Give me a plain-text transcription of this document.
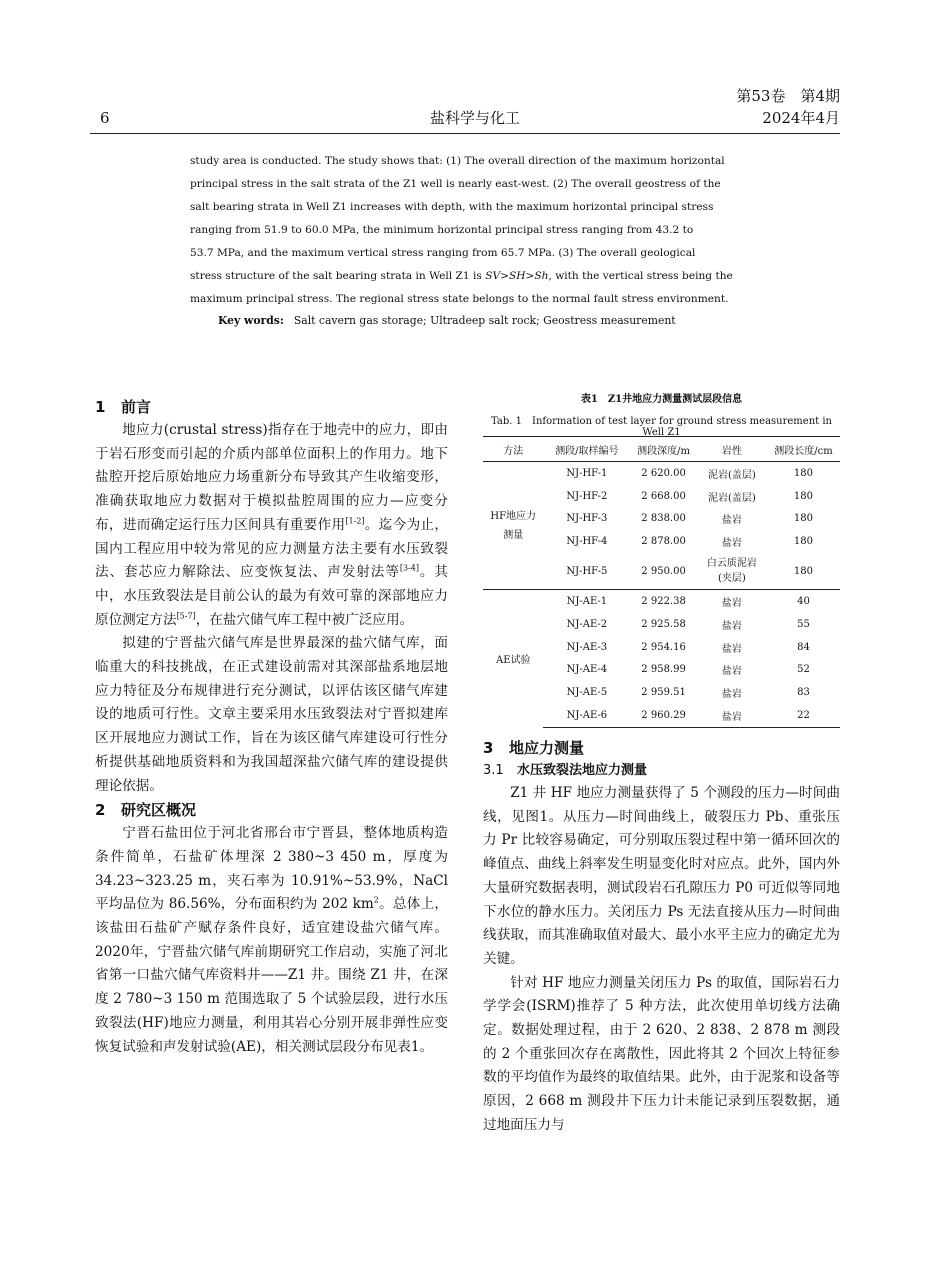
第53卷　第4期
6	盐科学与化工	2024年4月
study area is conducted. The study shows that: (1) The overall direction of the maximum horizontal
principal stress in the salt strata of the Z1 well is nearly east-west. (2) The overall geostress of the
salt bearing strata in Well Z1 increases with depth, with the maximum horizontal principal stress
ranging from 51.9 to 60.0 MPa, the minimum horizontal principal stress ranging from 43.2 to
53.7 MPa, and the maximum vertical stress ranging from 65.7 MPa. (3) The overall geological
stress structure of the salt bearing strata in Well Z1 is SV>SH>Sh, with the vertical stress being the
maximum principal stress. The regional stress state belongs to the normal fault stress environment.
Key words: Salt cavern gas storage; Ultradeep salt rock; Geostress measurement
1 前言

地应力(crustal stress)指存在于地壳中的应力，即由于岩石形变而引起的介质内部单位面积上的作用力。地下盐腔开挖后原始地应力场重新分布导致其产生收缩变形，准确获取地应力数据对于模拟盐腔周围的应力—应变分布，进而确定运行压力区间具有重要作用[1-2]。迄今为止，国内工程应用中较为常见的应力测量方法主要有水压致裂法、套芯应力解除法、应变恢复法、声发射法等[3-4]。其中，水压致裂法是目前公认的最为有效可靠的深部地应力原位测定方法[5-7]，在盐穴储气库工程中被广泛应用。

拟建的宁晋盐穴储气库是世界最深的盐穴储气库，面临重大的科技挑战，在正式建设前需对其深部盐系地层地应力特征及分布规律进行充分测试，以评估该区储气库建设的地质可行性。文章主要采用水压致裂法对宁晋拟建库区开展地应力测试工作，旨在为该区储气库建设可行性分析提供基础地质资料和为我国超深盐穴储气库的建设提供理论依据。

2 研究区概况

宁晋石盐田位于河北省邢台市宁晋县，整体地质构造条件简单，石盐矿体埋深 2 380~3 450 m，厚度为 34.23~323.25 m，夹石率为 10.91%~53.9%，NaCl 平均品位为 86.56%，分布面积约为 202 $km^2$。总体上，该盐田石盐矿产赋存条件良好，适宜建设盐穴储气库。2020年，宁晋盐穴储气库前期研究工作启动，实施了河北省第一口盐穴储气库资料井——Z1 井。围绕 Z1 井，在深度 2 780~3 150 m 范围选取了 5 个试验层段，进行水压致裂法(HF)地应力测量，利用其岩心分别开展非弹性应变恢复试验和声发射试验(AE)，相关测试层段分布见表1。

表1　Z1井地应力测量测试层段信息
Tab. 1　Information of test layer for ground stress measurement in Well Z1
方法	测段/取样编号	测段深度/m	岩性	测段长度/cm
HF地应力测量	NJ-HF-1	2 620.00	泥岩(盖层)	180
	NJ-HF-2	2 668.00	泥岩(盖层)	180
	NJ-HF-3	2 838.00	盐岩	180
	NJ-HF-4	2 878.00	盐岩	180
	NJ-HF-5	2 950.00	白云质泥岩(夹层)	180
AE试验	NJ-AE-1	2 922.38	盐岩	40
	NJ-AE-2	2 925.58	盐岩	55
	NJ-AE-3	2 954.16	盐岩	84
	NJ-AE-4	2 958.99	盐岩	52
	NJ-AE-5	2 959.51	盐岩	83
	NJ-AE-6	2 960.29	盐岩	22
3 地应力测量
3.1 水压致裂法地应力测量

Z1 井 HF 地应力测量获得了 5 个测段的压力—时间曲线，见图1。从压力—时间曲线上，破裂压力 Pb、重张压力 Pr 比较容易确定，可分别取压裂过程中第一循环回次的峰值点、曲线上斜率发生明显变化时对应点。此外，国内外大量研究数据表明，测试段岩石孔隙压力 P0 可近似等同地下水位的静水压力。关闭压力 Ps 无法直接从压力—时间曲线获取，而其准确取值对最大、最小水平主应力的确定尤为关键。

针对 HF 地应力测量关闭压力 Ps 的取值，国际岩石力学学会(ISRM)推荐了 5 种方法，此次使用单切线方法确定。数据处理过程，由于 2 620、2 838、2 878 m 测段的 2 个重张回次存在离散性，因此将其 2 个回次上特征参数的平均值作为最终的取值结果。此外，由于泥浆和设备等原因，2 668 m 测段井下压力计未能记录到压裂数据，通过地面压力与
